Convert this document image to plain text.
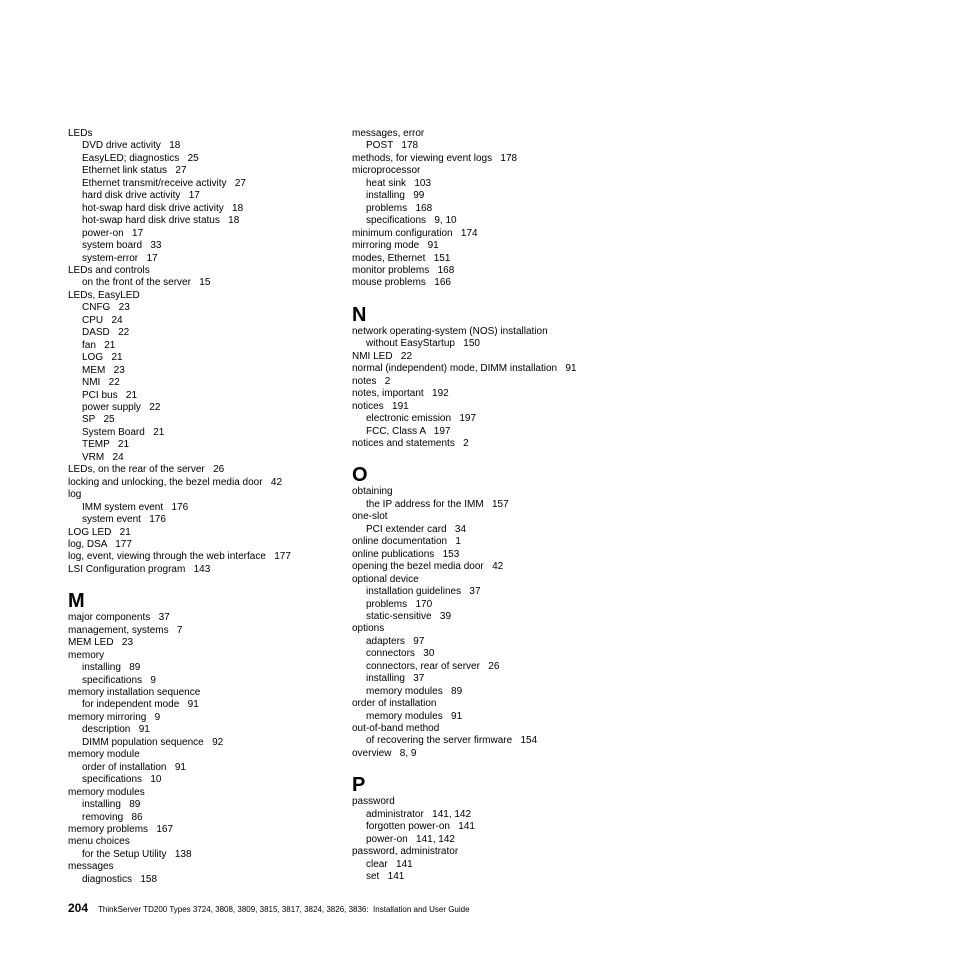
LEDs
DVD drive activity   18
EasyLED; diagnostics   25
Ethernet link status   27
Ethernet transmit/receive activity   27
hard disk drive activity   17
hot-swap hard disk drive activity   18
hot-swap hard disk drive status   18
power-on   17
system board   33
system-error   17
LEDs and controls
on the front of the server   15
LEDs, EasyLED
CNFG   23
CPU   24
DASD   22
fan   21
LOG   21
MEM   23
NMI   22
PCI bus   21
power supply   22
SP   25
System Board   21
TEMP   21
VRM   24
LEDs, on the rear of the server   26
locking and unlocking, the bezel media door   42
log
IMM system event   176
system event   176
LOG LED   21
log, DSA   177
log, event, viewing through the web interface   177
LSI Configuration program   143
M
major components   37
management, systems   7
MEM LED   23
memory
installing   89
specifications   9
memory installation sequence
for independent mode   91
memory mirroring   9
description   91
DIMM population sequence   92
memory module
order of installation   91
specifications   10
memory modules
installing   89
removing   86
memory problems   167
menu choices
for the Setup Utility   138
messages
diagnostics   158
messages, error
POST   178
methods, for viewing event logs   178
microprocessor
heat sink   103
installing   99
problems   168
specifications   9, 10
minimum configuration   174
mirroring mode   91
modes, Ethernet   151
monitor problems   168
mouse problems   166
N
network operating-system (NOS) installation
without EasyStartup   150
NMI LED   22
normal (independent) mode, DIMM installation   91
notes   2
notes, important   192
notices   191
electronic emission   197
FCC, Class A   197
notices and statements   2
O
obtaining
the IP address for the IMM   157
one-slot
PCI extender card   34
online documentation   1
online publications   153
opening the bezel media door   42
optional device
installation guidelines   37
problems   170
static-sensitive   39
options
adapters   97
connectors   30
connectors, rear of server   26
installing   37
memory modules   89
order of installation
memory modules   91
out-of-band method
of recovering the server firmware   154
overview   8, 9
P
password
administrator   141, 142
forgotten power-on   141
power-on   141, 142
password, administrator
clear   141
set   141
204 ThinkServer TD200 Types 3724, 3808, 3809, 3815, 3817, 3824, 3826, 3836:  Installation and User Guide
